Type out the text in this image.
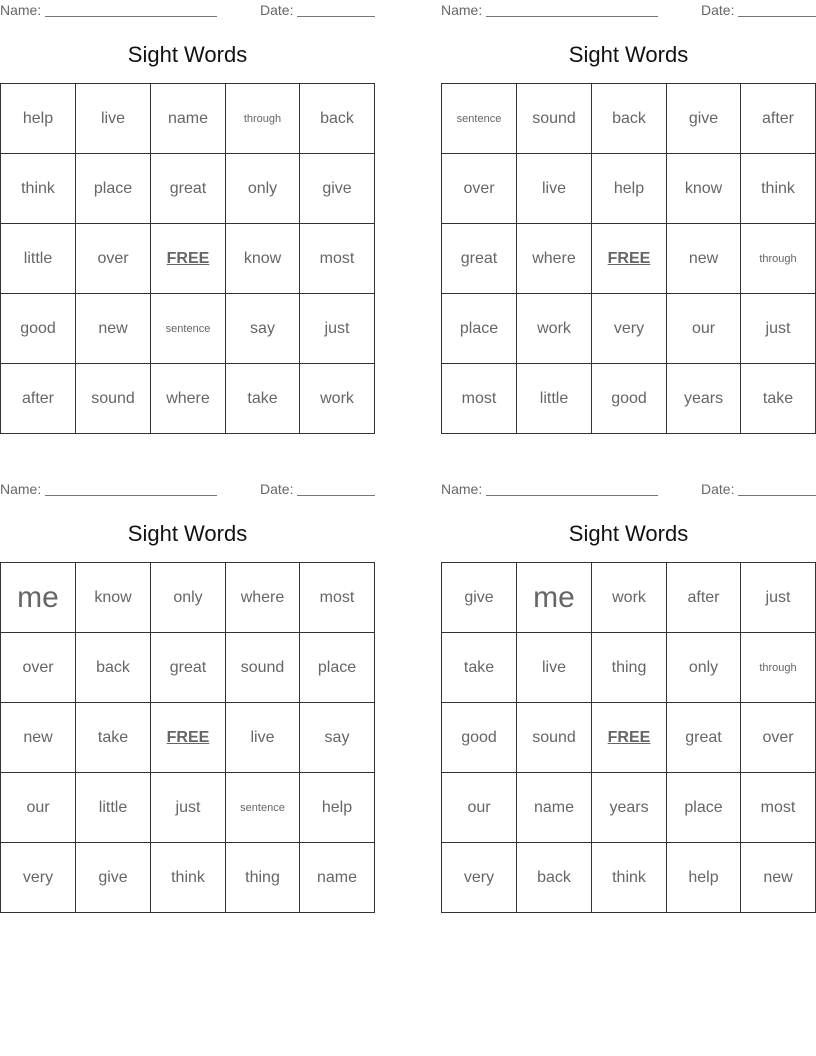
Name:	Date:
Sight Words
help	live	name	through	back
think	place	great	only	give
little	over	FREE	know	most
good	new	sentence	say	just
after	sound	where	take	work
Name:	Date:
Sight Words
sentence	sound	back	give	after
over	live	help	know	think
great	where	FREE	new	through
place	work	very	our	just
most	little	good	years	take
Name:	Date:
Sight Words
me	know	only	where	most
over	back	great	sound	place
new	take	FREE	live	say
our	little	just	sentence	help
very	give	think	thing	name
Name:	Date:
Sight Words
give	me	work	after	just
take	live	thing	only	through
good	sound	FREE	great	over
our	name	years	place	most
very	back	think	help	new
